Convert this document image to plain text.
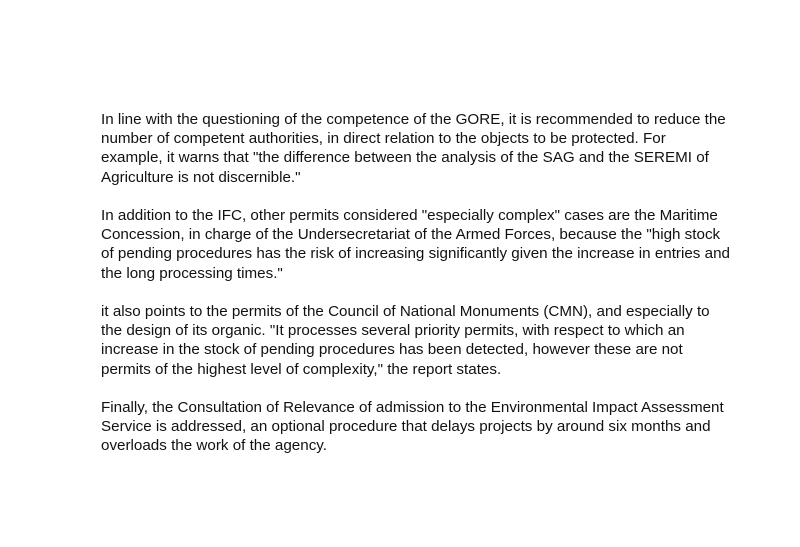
In line with the questioning of the competence of the GORE, it is recommended to reduce the number of competent authorities, in direct relation to the objects to be protected. For example, it warns that "the difference between the analysis of the SAG and the SEREMI of Agriculture is not discernible."

In addition to the IFC, other permits considered "especially complex" cases are the Maritime Concession, in charge of the Undersecretariat of the Armed Forces, because the "high stock of pending procedures has the risk of increasing significantly given the increase in entries and the long processing times."

it also points to the permits of the Council of National Monuments (CMN), and especially to the design of its organic. "It processes several priority permits, with respect to which an increase in the stock of pending procedures has been detected, however these are not permits of the highest level of complexity," the report states.

Finally, the Consultation of Relevance of admission to the Environmental Impact Assessment Service is addressed, an optional procedure that delays projects by around six months and overloads the work of the agency.
